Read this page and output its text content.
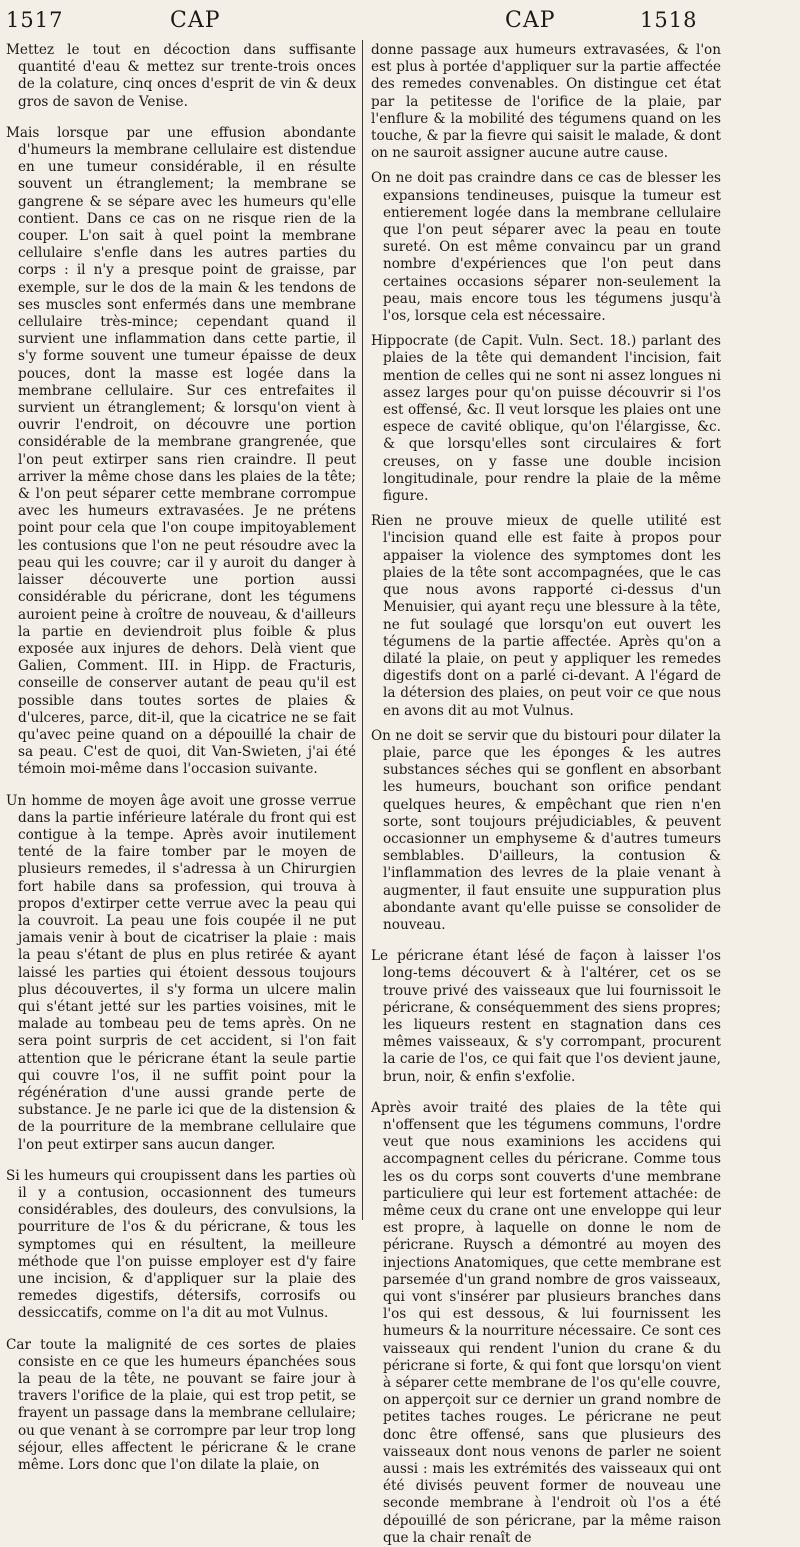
1517	CAP	CAP	1518

Mettez le tout en décoction dans suffisante quantité d'eau & mettez sur trente-trois onces de la colature, cinq onces d'esprit de vin & deux gros de savon de Venise.

Mais lorsque par une effusion abondante d'humeurs la membrane cellulaire est distendue en une tumeur considérable, il en résulte souvent un étranglement; la membrane se gangrene & se sépare avec les humeurs qu'elle contient. Dans ce cas on ne risque rien de la couper. L'on sait à quel point la membrane cellulaire s'enfle dans les autres parties du corps : il n'y a presque point de graisse, par exemple, sur le dos de la main & les tendons de ses muscles sont enfermés dans une membrane cellulaire très-mince; cependant quand il survient une inflammation dans cette partie, il s'y forme souvent une tumeur épaisse de deux pouces, dont la masse est logée dans la membrane cellulaire. Sur ces entrefaites il survient un étranglement; & lorsqu'on vient à ouvrir l'endroit, on découvre une portion considérable de la membrane grangrenée, que l'on peut extirper sans rien craindre. Il peut arriver la même chose dans les plaies de la tête; & l'on peut séparer cette membrane corrompue avec les humeurs extravasées. Je ne prétens point pour cela que l'on coupe impitoyablement les contusions que l'on ne peut résoudre avec la peau qui les couvre; car il y auroit du danger à laisser découverte une portion aussi considérable du péricrane, dont les tégumens auroient peine à croître de nouveau, & d'ailleurs la partie en deviendroit plus foible & plus exposée aux injures de dehors. Delà vient que Galien, Comment. III. in Hipp. de Fracturis, conseille de conserver autant de peau qu'il est possible dans toutes sortes de plaies & d'ulceres, parce, dit-il, que la cicatrice ne se fait qu'avec peine quand on a dépouillé la chair de sa peau. C'est de quoi, dit Van-Swieten, j'ai été témoin moi-même dans l'occasion suivante.

Un homme de moyen âge avoit une grosse verrue dans la partie inférieure latérale du front qui est contigue à la tempe. Après avoir inutilement tenté de la faire tomber par le moyen de plusieurs remedes, il s'adressa à un Chirurgien fort habile dans sa profession, qui trouva à propos d'extirper cette verrue avec la peau qui la couvroit. La peau une fois coupée il ne put jamais venir à bout de cicatriser la plaie : mais la peau s'étant de plus en plus retirée & ayant laissé les parties qui étoient dessous toujours plus découvertes, il s'y forma un ulcere malin qui s'étant jetté sur les parties voisines, mit le malade au tombeau peu de tems après. On ne sera point surpris de cet accident, si l'on fait attention que le péricrane étant la seule partie qui couvre l'os, il ne suffit point pour la régénération d'une aussi grande perte de substance. Je ne parle ici que de la distension & de la pourriture de la membrane cellulaire que l'on peut extirper sans aucun danger.

Si les humeurs qui croupissent dans les parties où il y a contusion, occasionnent des tumeurs considérables, des douleurs, des convulsions, la pourriture de l'os & du péricrane, & tous les symptomes qui en résultent, la meilleure méthode que l'on puisse employer est d'y faire une incision, & d'appliquer sur la plaie des remedes digestifs, détersifs, corrosifs ou dessiccatifs, comme on l'a dit au mot Vulnus.

Car toute la malignité de ces sortes de plaies consiste en ce que les humeurs épanchées sous la peau de la tête, ne pouvant se faire jour à travers l'orifice de la plaie, qui est trop petit, se frayent un passage dans la membrane cellulaire; ou que venant à se corrompre par leur trop long séjour, elles affectent le péricrane & le crane même. Lors donc que l'on dilate la plaie, on

donne passage aux humeurs extravasées, & l'on est plus à portée d'appliquer sur la partie affectée des remedes convenables. On distingue cet état par la petitesse de l'orifice de la plaie, par l'enflure & la mobilité des tégumens quand on les touche, & par la fievre qui saisit le malade, & dont on ne sauroit assigner aucune autre cause.

On ne doit pas craindre dans ce cas de blesser les expansions tendineuses, puisque la tumeur est entierement logée dans la membrane cellulaire que l'on peut séparer avec la peau en toute sureté. On est même convaincu par un grand nombre d'expériences que l'on peut dans certaines occasions séparer non-seulement la peau, mais encore tous les tégumens jusqu'à l'os, lorsque cela est nécessaire.

Hippocrate (de Capit. Vuln. Sect. 18.) parlant des plaies de la tête qui demandent l'incision, fait mention de celles qui ne sont ni assez longues ni assez larges pour qu'on puisse découvrir si l'os est offensé, &c. Il veut lorsque les plaies ont une espece de cavité oblique, qu'on l'élargisse, &c. & que lorsqu'elles sont circulaires & fort creuses, on y fasse une double incision longitudinale, pour rendre la plaie de la même figure.

Rien ne prouve mieux de quelle utilité est l'incision quand elle est faite à propos pour appaiser la violence des symptomes dont les plaies de la tête sont accompagnées, que le cas que nous avons rapporté ci-dessus d'un Menuisier, qui ayant reçu une blessure à la tête, ne fut soulagé que lorsqu'on eut ouvert les tégumens de la partie affectée. Après qu'on a dilaté la plaie, on peut y appliquer les remedes digestifs dont on a parlé ci-devant. A l'égard de la détersion des plaies, on peut voir ce que nous en avons dit au mot Vulnus.

On ne doit se servir que du bistouri pour dilater la plaie, parce que les éponges & les autres substances séches qui se gonflent en absorbant les humeurs, bouchant son orifice pendant quelques heures, & empêchant que rien n'en sorte, sont toujours préjudiciables, & peuvent occasionner un emphyseme & d'autres tumeurs semblables. D'ailleurs, la contusion & l'inflammation des levres de la plaie venant à augmenter, il faut ensuite une suppuration plus abondante avant qu'elle puisse se consolider de nouveau.

Le péricrane étant lésé de façon à laisser l'os long-tems découvert & à l'altérer, cet os se trouve privé des vaisseaux que lui fournissoit le péricrane, & conséquemment des siens propres; les liqueurs restent en stagnation dans ces mêmes vaisseaux, & s'y corrompant, procurent la carie de l'os, ce qui fait que l'os devient jaune, brun, noir, & enfin s'exfolie.

Après avoir traité des plaies de la tête qui n'offensent que les tégumens communs, l'ordre veut que nous examinions les accidens qui accompagnent celles du péricrane. Comme tous les os du corps sont couverts d'une membrane particuliere qui leur est fortement attachée: de même ceux du crane ont une enveloppe qui leur est propre, à laquelle on donne le nom de péricrane. Ruysch a démontré au moyen des injections Anatomiques, que cette membrane est parsemée d'un grand nombre de gros vaisseaux, qui vont s'insérer par plusieurs branches dans l'os qui est dessous, & lui fournissent les humeurs & la nourriture nécessaire. Ce sont ces vaisseaux qui rendent l'union du crane & du péricrane si forte, & qui font que lorsqu'on vient à séparer cette membrane de l'os qu'elle couvre, on apperçoit sur ce dernier un grand nombre de petites taches rouges. Le péricrane ne peut donc être offensé, sans que plusieurs des vaisseaux dont nous venons de parler ne soient aussi : mais les extrémités des vaisseaux qui ont été divisés peuvent former de nouveau une seconde membrane à l'endroit où l'os a été dépouillé de son péricrane, par la même raison que la chair renaît de
